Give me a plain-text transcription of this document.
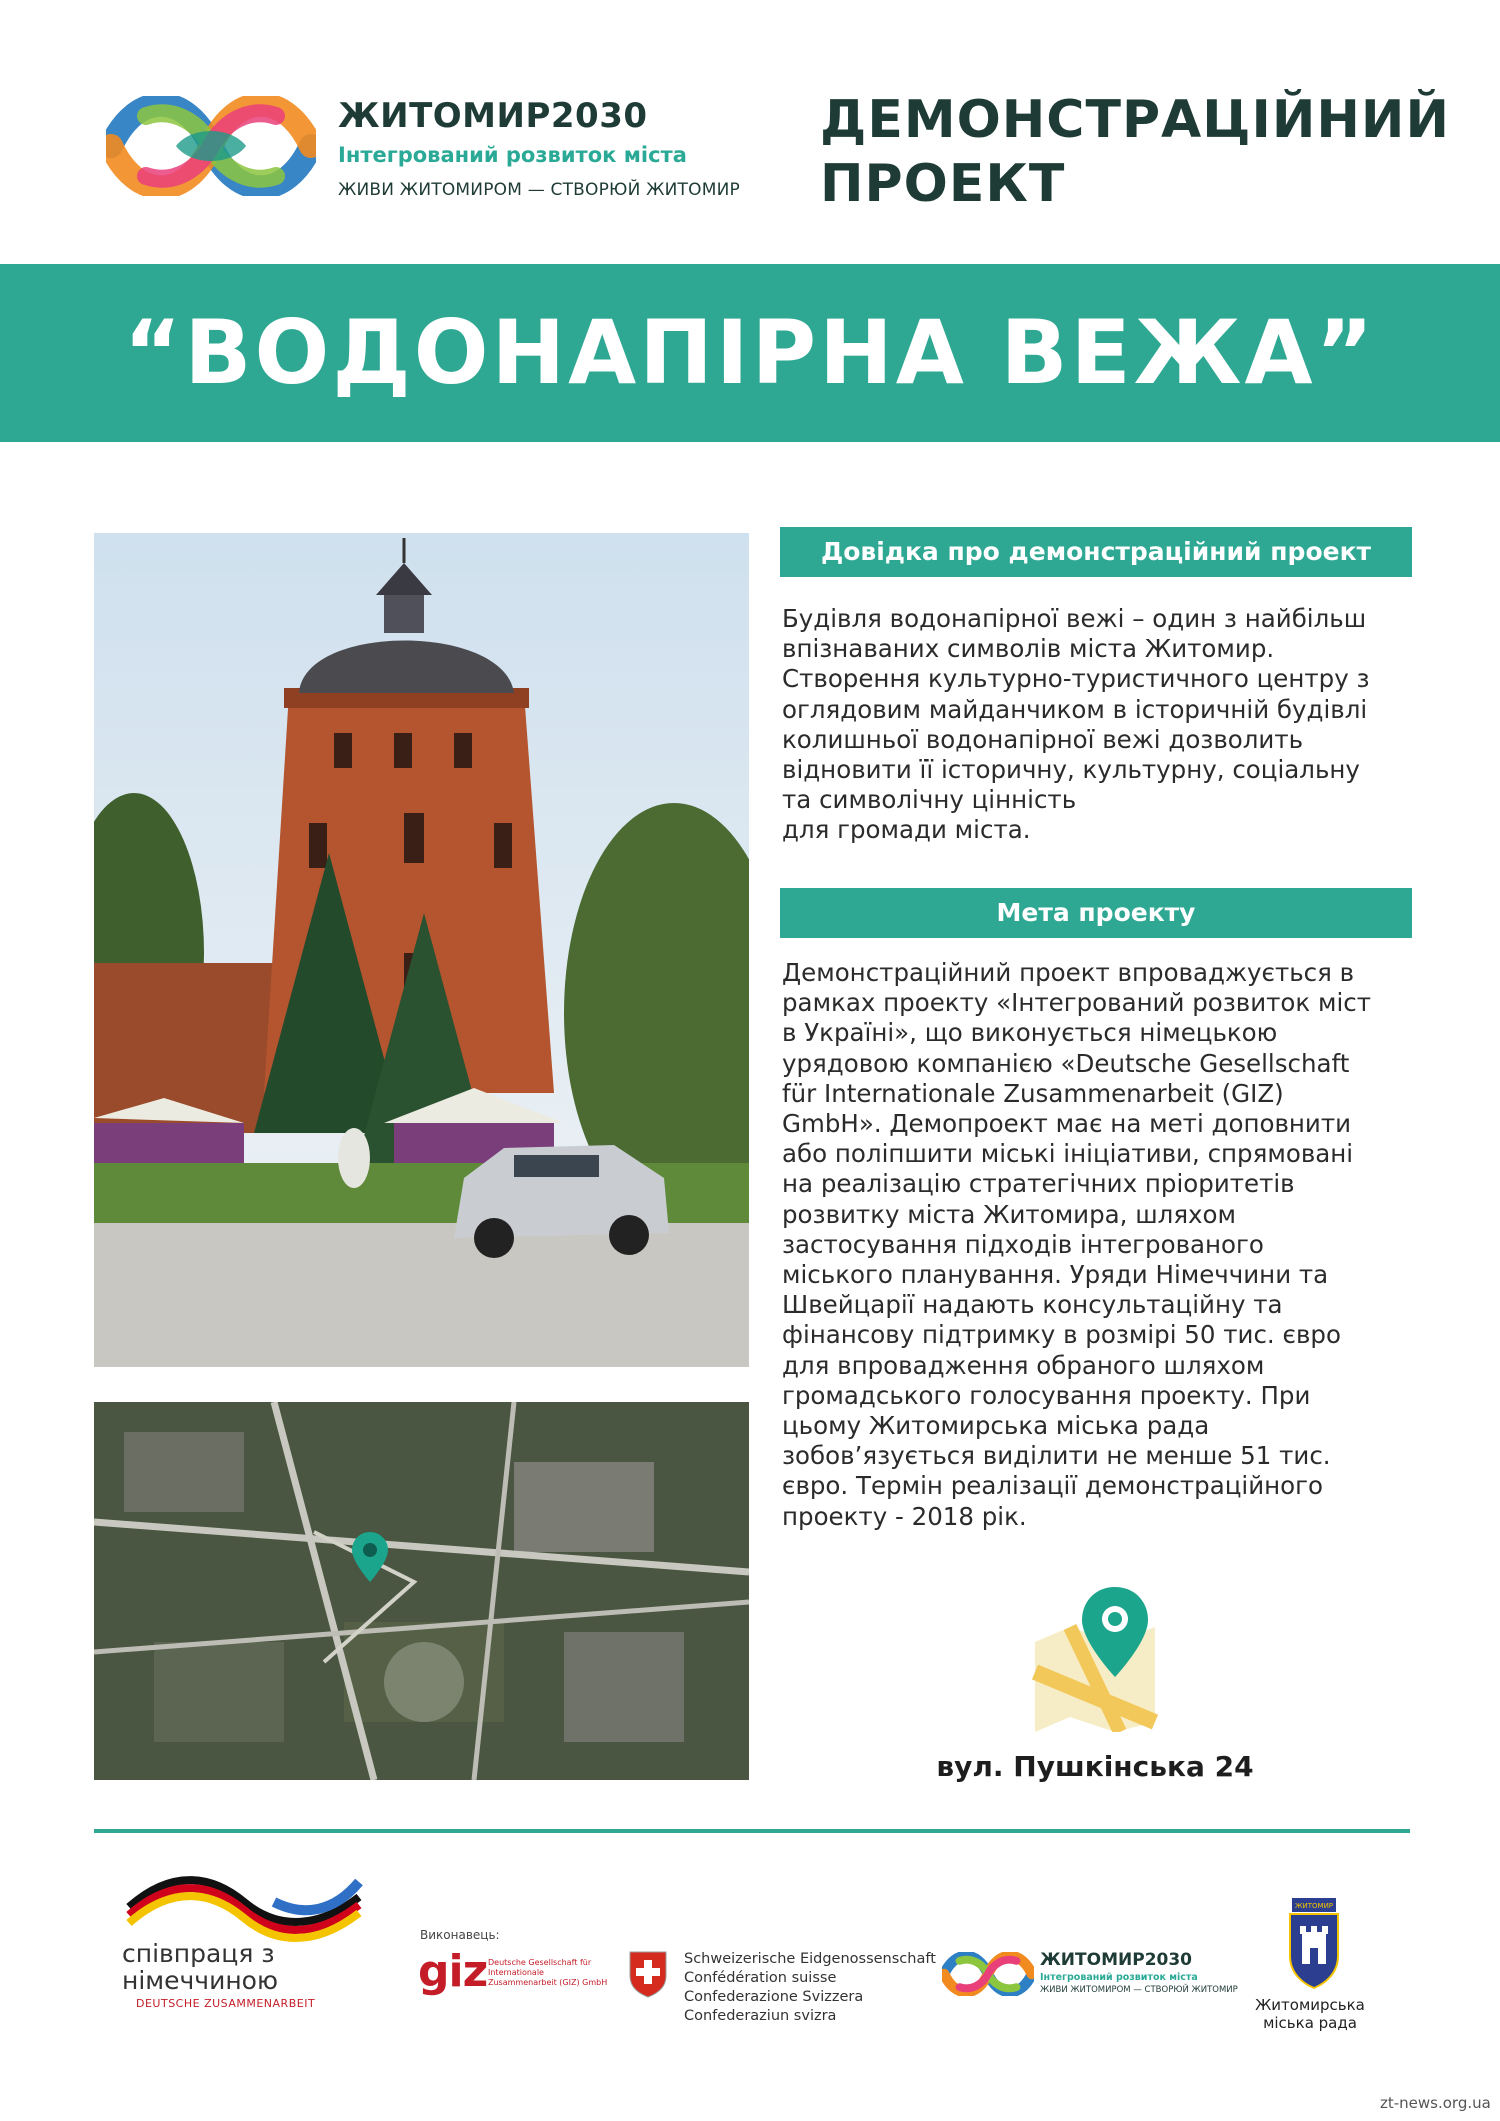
ЖИТОМИР2030
Інтегрований розвиток міста
ЖИВИ ЖИТОМИРОМ — СТВОРЮЙ ЖИТОМИР
ДЕМОНСТРАЦІЙНИЙ
ПРОЕКТ
“ВОДОНАПІРНА ВЕЖА”
Довідка про демонстраційний проект

Будівля водонапірної вежі – один з найбільш

впізнаваних символів міста Житомир.

Створення культурно-туристичного центру з

оглядовим майданчиком в історичній будівлі

колишньої водонапірної вежі дозволить

відновити її історичну, культурну, соціальну

та символічну цінність

для громади міста.

Мета проекту

Демонстраційний проект впроваджується в

рамках проекту «Інтегрований розвиток міст

в Україні», що виконується німецькою

урядовою компанією «Deutsche Gesellschaft

für Internationale Zusammenarbeit (GIZ)

GmbH». Демопроект має на меті доповнити

або поліпшити міські ініціативи, спрямовані

на реалізацію стратегічних пріоритетів

розвитку міста Житомира, шляхом

застосування підходів інтегрованого

міського планування. Уряди Німеччини та

Швейцарії надають консультаційну та

фінансову підтримку в розмірі 50 тис. євро

для впровадження обраного шляхом

громадського голосування проекту. При

цьому Житомирська міська рада

зобов’язується виділити не менше 51 тис.

євро. Термін реалізації демонстраційного

проекту - 2018 рік.

вул. Пушкінська 24
співпраця з
німеччиною
DEUTSCHE ZUSAMMENARBEIT
Виконавець:
giz Deutsche Gesellschaft für Internationale Zusammenarbeit (GIZ) GmbH
Schweizerische Eidgenossenschaft
Confédération suisse
Confederazione Svizzera
Confederaziun svizra
ЖИТОМИР2030
Інтегрований розвиток міста
ЖИВИ ЖИТОМИРОМ — СТВОРЮЙ ЖИТОМИР
ЖИТОМИР
Житомирська
міська рада
zt-news.org.ua
